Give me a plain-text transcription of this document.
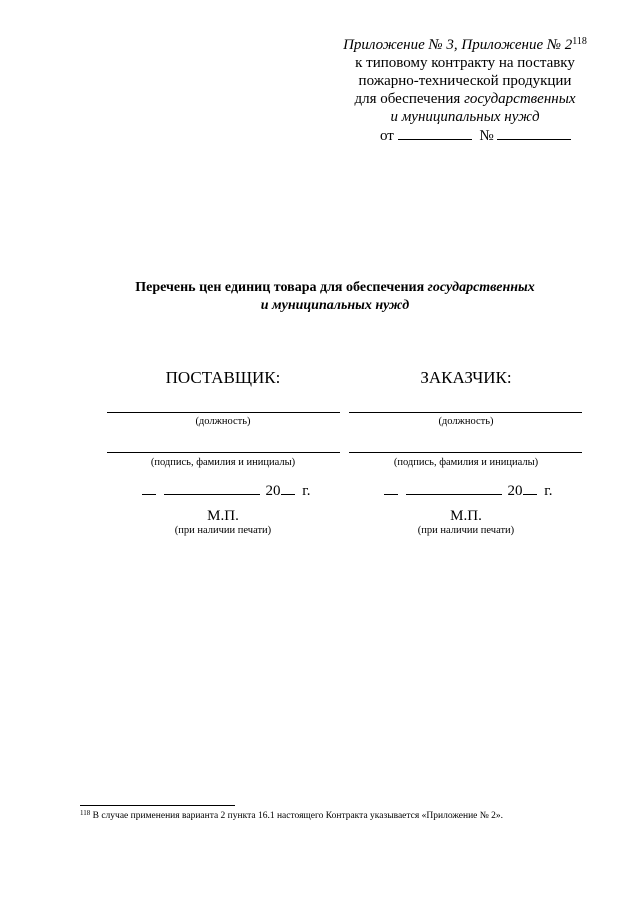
Приложение № 3, Приложение № $2^{118}$
к типовому контракту на поставку
пожарно-технической продукции
для обеспечения государственных
и муниципальных нужд
от	№
Перечень цен единиц товара для обеспечения государственных
и муниципальных нужд
ПОСТАВЩИК:
(должность)
(подпись, фамилия и инициалы)
20 г.
М.П.
(при наличии печати)
ЗАКАЗЧИК:
(должность)
(подпись, фамилия и инициалы)
20 г.
М.П.
(при наличии печати)
$^{118}$ В случае применения варианта 2 пункта 16.1 настоящего Контракта указывается «Приложение № 2».
